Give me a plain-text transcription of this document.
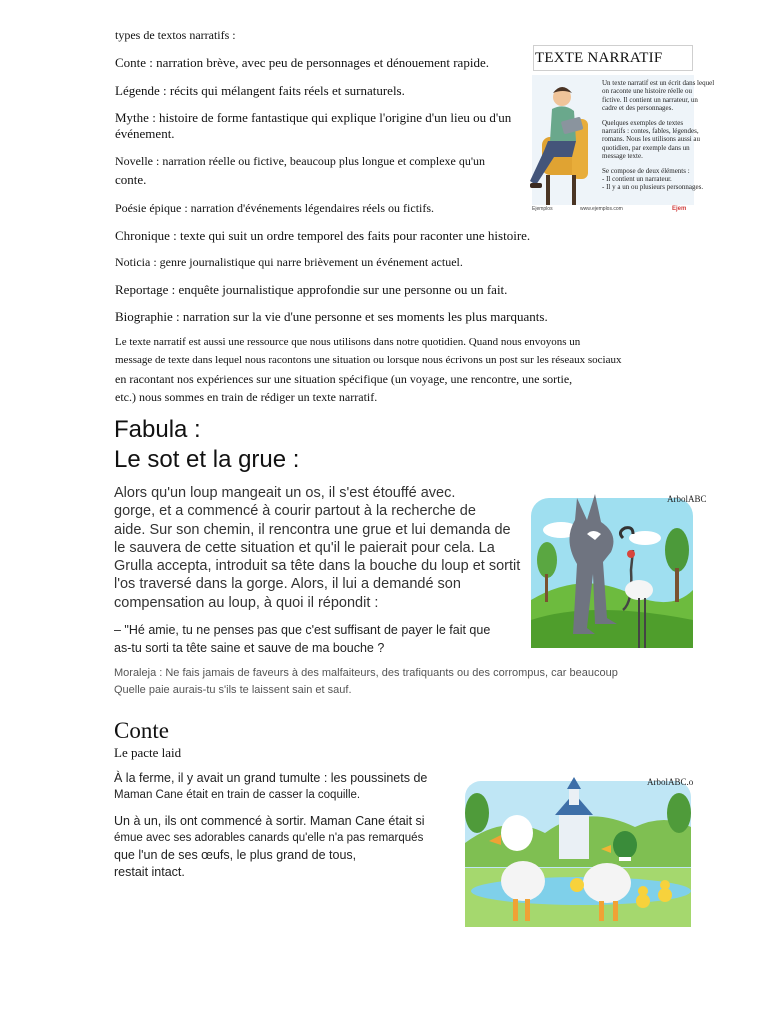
types de textos narratifs :

Conte : narration brève, avec peu de personnages et dénouement rapide.

Légende : récits qui mélangent faits réels et surnaturels.

Mythe : histoire de forme fantastique qui explique l'origine d'un lieu ou d'un

événement.

Novelle : narration réelle ou fictive, beaucoup plus longue et complexe qu'un

conte.

Poésie épique : narration d'événements légendaires réels ou fictifs.

Chronique : texte qui suit un ordre temporel des faits pour raconter une histoire.

Noticia : genre journalistique qui narre brièvement un événement actuel.

Reportage : enquête journalistique approfondie sur une personne ou un fait.

Biographie : narration sur la vie d'une personne et ses moments les plus marquants.

Le texte narratif est aussi une ressource que nous utilisons dans notre quotidien. Quand nous envoyons un

message de texte dans lequel nous racontons une situation ou lorsque nous écrivons un post sur les réseaux sociaux

en racontant nos expériences sur une situation spécifique (un voyage, une rencontre, une sortie,

etc.) nous sommes en train de rédiger un texte narratif.

TEXTE NARRATIF
Un texte narratif est un écrit dans lequel
on raconte une histoire réelle ou
fictive. Il contient un narrateur, un
cadre et des personnages.
Quelques exemples de textes
narratifs : contes, fables, légendes,
romans. Nous les utilisons aussi au
quotidien, par exemple dans un
message texte.
Se compose de deux éléments :
- Il contient un narrateur.
- Il y a un ou plusieurs personnages.
Ejemplos	www.ejemplos.com	Ejem

Fabula :

Le sot et la grue :

Alors qu'un loup mangeait un os, il s'est étouffé avec.
gorge, et a commencé à courir partout à la recherche de
aide. Sur son chemin, il rencontra une grue et lui demanda de
le sauvera de cette situation et qu'il le paierait pour cela. La
Grulla accepta, introduit sa tête dans la bouche du loup et sortit
l'os traversé dans la gorge. Alors, il lui a demandé son
compensation au loup, à quoi il répondit :

– "Hé amie, tu ne penses pas que c'est suffisant de payer le fait que

as-tu sorti ta tête saine et sauve de ma bouche ?

Moraleja : Ne fais jamais de faveurs à des malfaiteurs, des trafiquants ou des corrompus, car beaucoup

Quelle paie aurais-tu s'ils te laissent sain et sauf.

ArbolABC

Conte

Le pacte laid

À la ferme, il y avait un grand tumulte : les poussinets de

Maman Cane était en train de casser la coquille.

Un à un, ils ont commencé à sortir. Maman Cane était si

émue avec ses adorables canards qu'elle n'a pas remarqués

que l'un de ses œufs, le plus grand de tous,

restait intact.

ArbolABC.o
